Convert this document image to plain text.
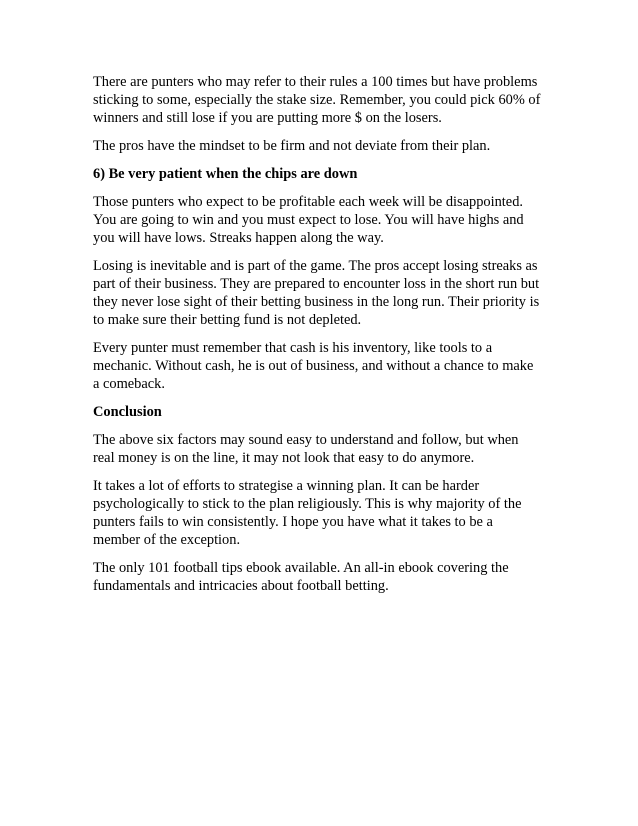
There are punters who may refer to their rules a 100 times but have problems sticking to some, especially the stake size. Remember, you could pick 60% of winners and still lose if you are putting more $ on the losers.

The pros have the mindset to be firm and not deviate from their plan.

6) Be very patient when the chips are down

Those punters who expect to be profitable each week will be disappointed. You are going to win and you must expect to lose. You will have highs and you will have lows. Streaks happen along the way.

Losing is inevitable and is part of the game. The pros accept losing streaks as part of their business. They are prepared to encounter loss in the short run but they never lose sight of their betting business in the long run. Their priority is to make sure their betting fund is not depleted.

Every punter must remember that cash is his inventory, like tools to a mechanic. Without cash, he is out of business, and without a chance to make a comeback.

Conclusion

The above six factors may sound easy to understand and follow, but when real money is on the line, it may not look that easy to do anymore.

It takes a lot of efforts to strategise a winning plan. It can be harder psychologically to stick to the plan religiously. This is why majority of the punters fails to win consistently. I hope you have what it takes to be a member of the exception.

The only 101 football tips ebook available. An all-in ebook covering the fundamentals and intricacies about football betting.
